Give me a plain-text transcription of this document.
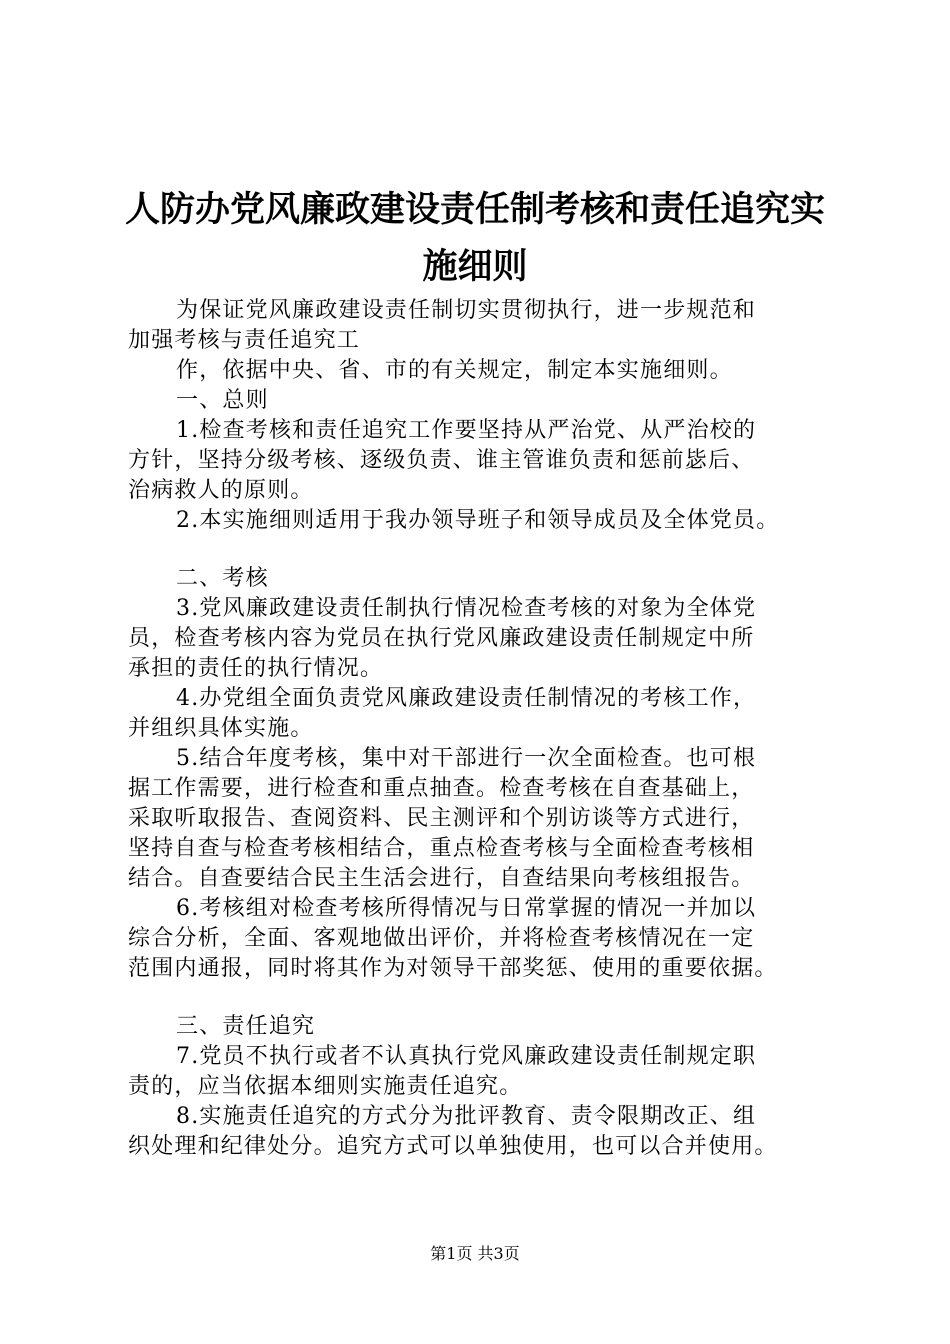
人防办党风廉政建设责任制考核和责任追究实
施细则
为保证党风廉政建设责任制切实贯彻执行，进一步规范和
加强考核与责任追究工
作，依据中央、省、市的有关规定，制定本实施细则。
一、总则
1.检查考核和责任追究工作要坚持从严治党、从严治校的
方针，坚持分级考核、逐级负责、谁主管谁负责和惩前毖后、
治病救人的原则。
2.本实施细则适用于我办领导班子和领导成员及全体党员。
二、考核
3.党风廉政建设责任制执行情况检查考核的对象为全体党
员，检查考核内容为党员在执行党风廉政建设责任制规定中所
承担的责任的执行情况。
4.办党组全面负责党风廉政建设责任制情况的考核工作，
并组织具体实施。
5.结合年度考核，集中对干部进行一次全面检查。也可根
据工作需要，进行检查和重点抽查。检查考核在自查基础上，
采取听取报告、查阅资料、民主测评和个别访谈等方式进行，
坚持自查与检查考核相结合，重点检查考核与全面检查考核相
结合。自查要结合民主生活会进行，自查结果向考核组报告。
6.考核组对检查考核所得情况与日常掌握的情况一并加以
综合分析，全面、客观地做出评价，并将检查考核情况在一定
范围内通报，同时将其作为对领导干部奖惩、使用的重要依据。
三、责任追究
7.党员不执行或者不认真执行党风廉政建设责任制规定职
责的，应当依据本细则实施责任追究。
8.实施责任追究的方式分为批评教育、责令限期改正、组
织处理和纪律处分。追究方式可以单独使用，也可以合并使用。
第1页 共3页
